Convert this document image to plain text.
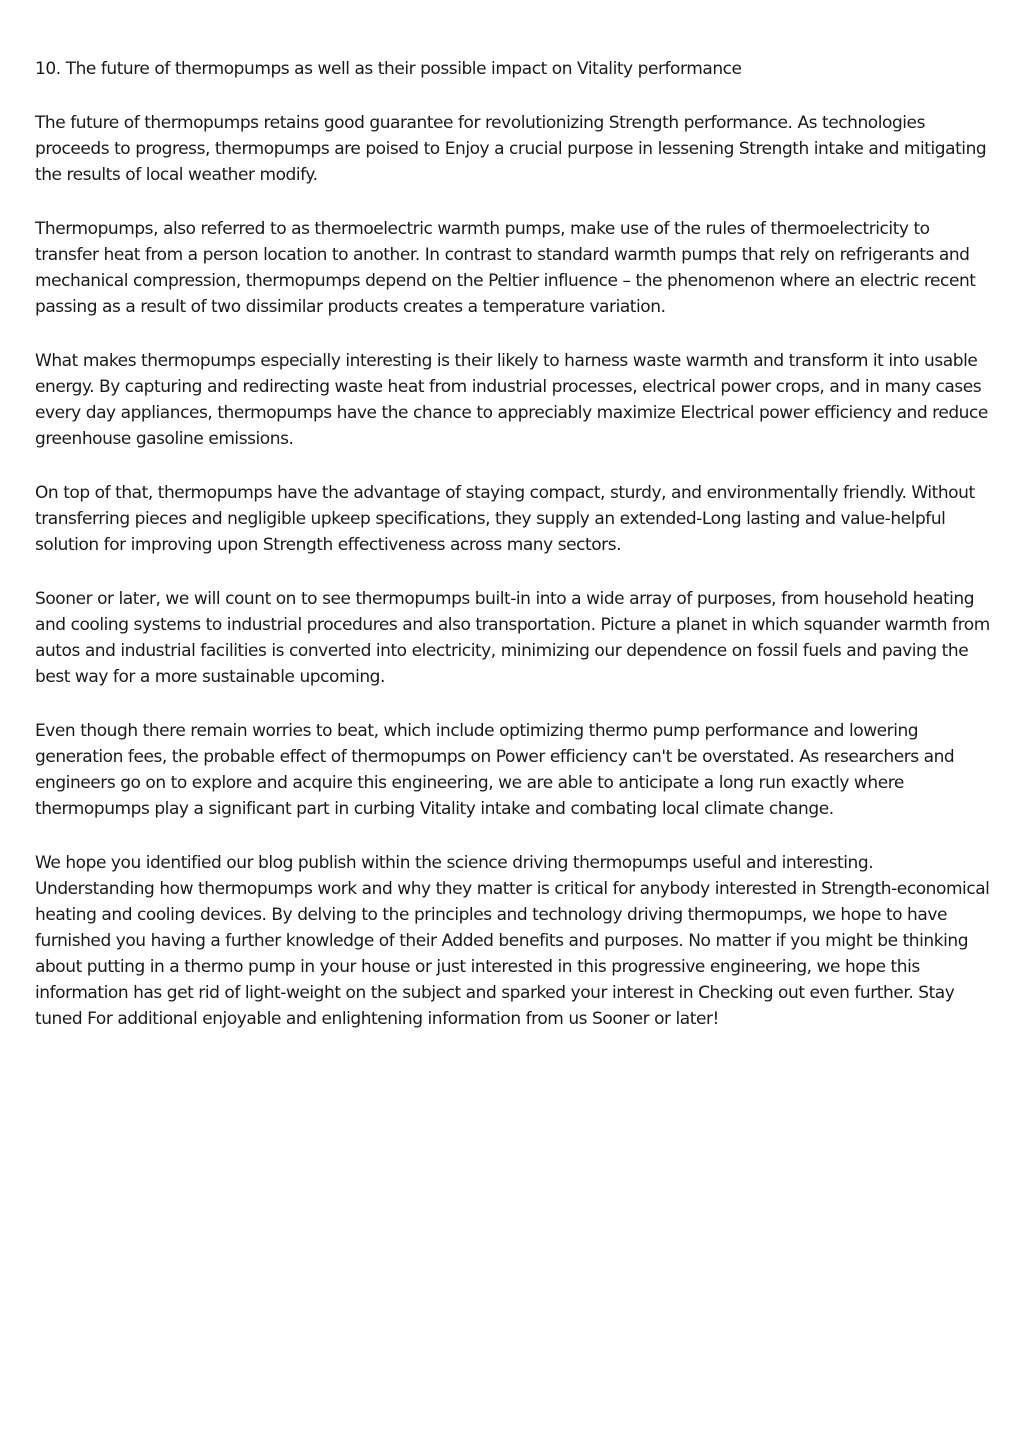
10. The future of thermopumps as well as their possible impact on Vitality performance

The future of thermopumps retains good guarantee for revolutionizing Strength performance. As technologies proceeds to progress, thermopumps are poised to Enjoy a crucial purpose in lessening Strength intake and mitigating the results of local weather modify.

Thermopumps, also referred to as thermoelectric warmth pumps, make use of the rules of thermoelectricity to transfer heat from a person location to another. In contrast to standard warmth pumps that rely on refrigerants and mechanical compression, thermopumps depend on the Peltier influence – the phenomenon where an electric recent passing as a result of two dissimilar products creates a temperature variation.

What makes thermopumps especially interesting is their likely to harness waste warmth and transform it into usable energy. By capturing and redirecting waste heat from industrial processes, electrical power crops, and in many cases every day appliances, thermopumps have the chance to appreciably maximize Electrical power efficiency and reduce greenhouse gasoline emissions.

On top of that, thermopumps have the advantage of staying compact, sturdy, and environmentally friendly. Without transferring pieces and negligible upkeep specifications, they supply an extended-Long lasting and value-helpful solution for improving upon Strength effectiveness across many sectors.

Sooner or later, we will count on to see thermopumps built-in into a wide array of purposes, from household heating and cooling systems to industrial procedures and also transportation. Picture a planet in which squander warmth from autos and industrial facilities is converted into electricity, minimizing our dependence on fossil fuels and paving the best way for a more sustainable upcoming.

Even though there remain worries to beat, which include optimizing thermo pump performance and lowering generation fees, the probable effect of thermopumps on Power efficiency can't be overstated. As researchers and engineers go on to explore and acquire this engineering, we are able to anticipate a long run exactly where thermopumps play a significant part in curbing Vitality intake and combating local climate change.

We hope you identified our blog publish within the science driving thermopumps useful and interesting. Understanding how thermopumps work and why they matter is critical for anybody interested in Strength-economical heating and cooling devices. By delving to the principles and technology driving thermopumps, we hope to have furnished you having a further knowledge of their Added benefits and purposes. No matter if you might be thinking about putting in a thermo pump in your house or just interested in this progressive engineering, we hope this information has get rid of light-weight on the subject and sparked your interest in Checking out even further. Stay tuned For additional enjoyable and enlightening information from us Sooner or later!
